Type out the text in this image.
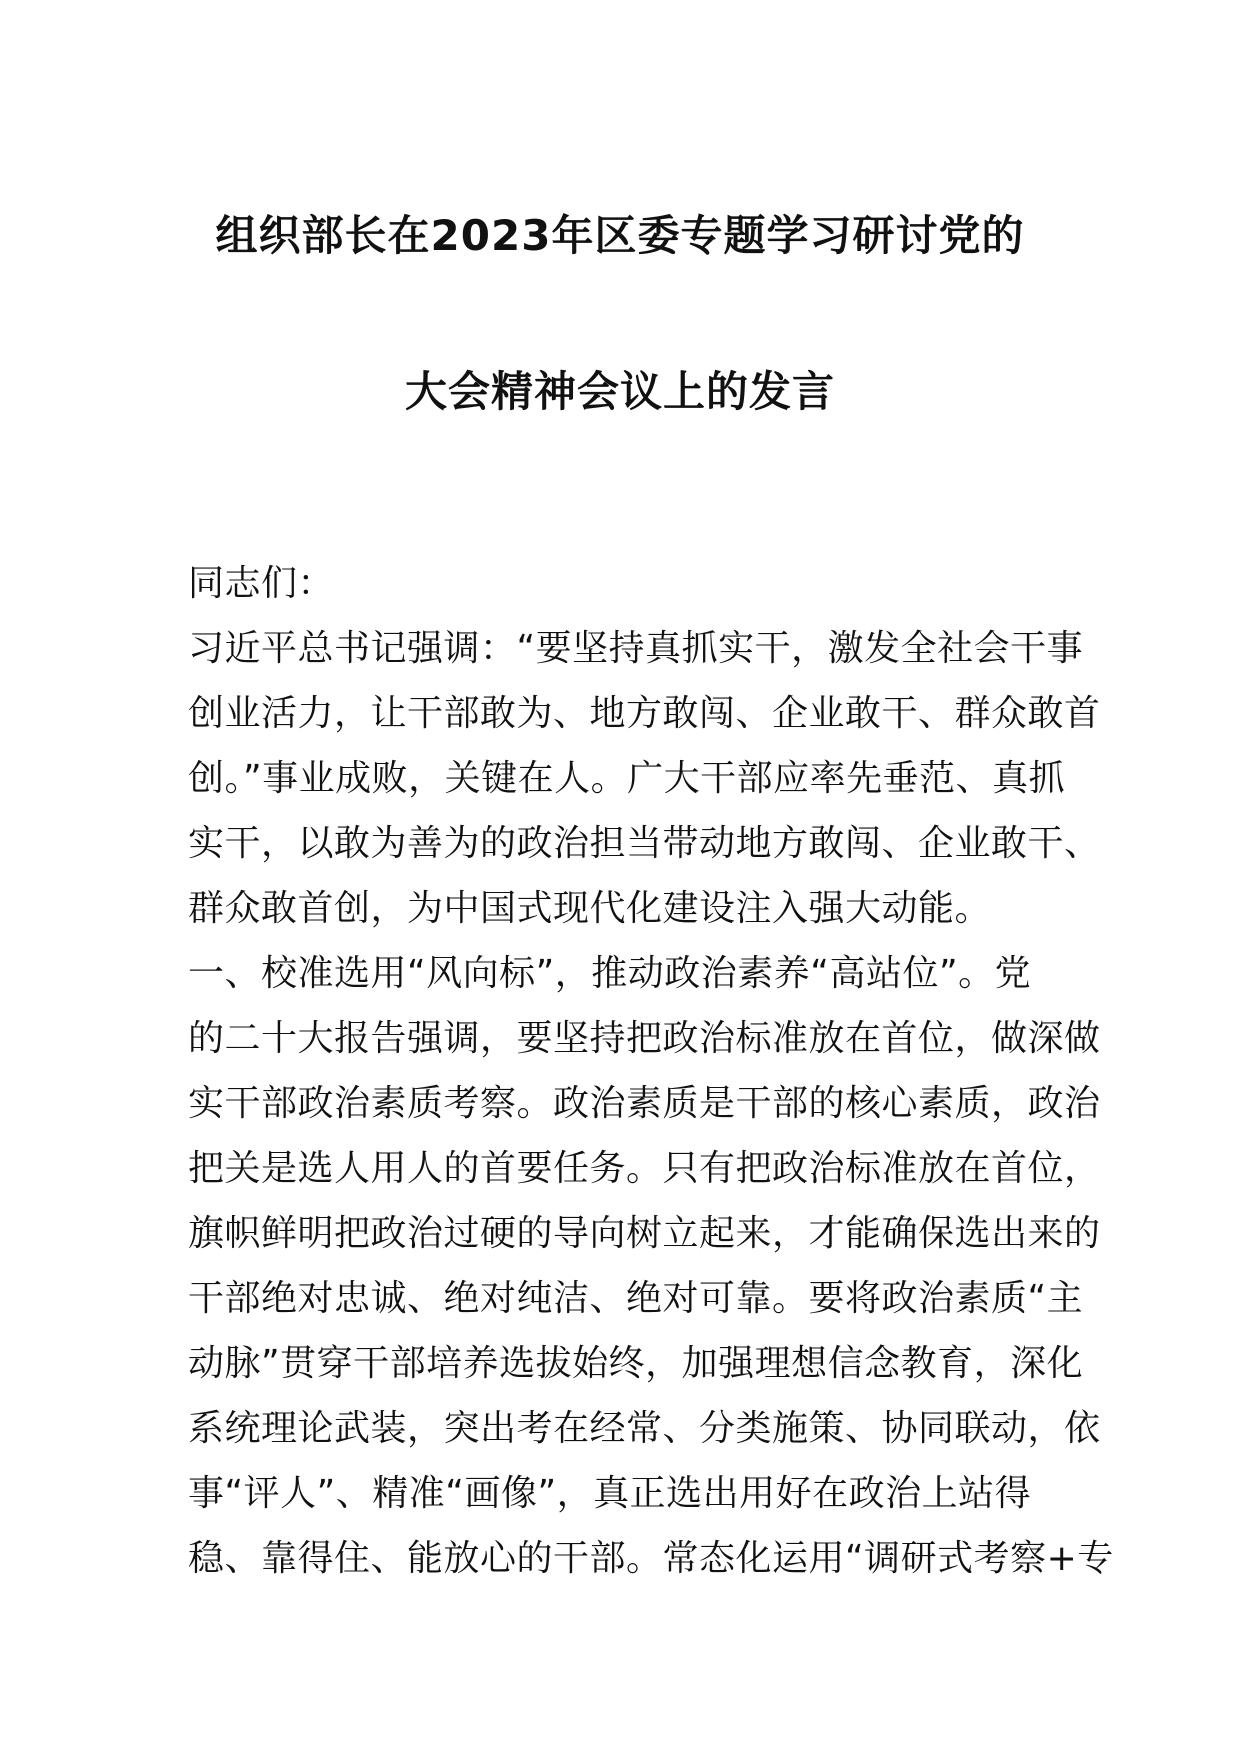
组织部长在2023年区委专题学习研讨党的
大会精神会议上的发言
同志们：
习近平总书记强调：“要坚持真抓实干，激发全社会干事
创业活力，让干部敢为、地方敢闯、企业敢干、群众敢首
创。”事业成败，关键在人。广大干部应率先垂范、真抓
实干，以敢为善为的政治担当带动地方敢闯、企业敢干、
群众敢首创，为中国式现代化建设注入强大动能。
一、校准选用“风向标”，推动政治素养“高站位”。党
的二十大报告强调，要坚持把政治标准放在首位，做深做
实干部政治素质考察。政治素质是干部的核心素质，政治
把关是选人用人的首要任务。只有把政治标准放在首位，
旗帜鲜明把政治过硬的导向树立起来，才能确保选出来的
干部绝对忠诚、绝对纯洁、绝对可靠。要将政治素质“主
动脉”贯穿干部培养选拔始终，加强理想信念教育，深化
系统理论武装，突出考在经常、分类施策、协同联动，依
事“评人”、精准“画像”，真正选出用好在政治上站得
稳、靠得住、能放心的干部。常态化运用“调研式考察+专
